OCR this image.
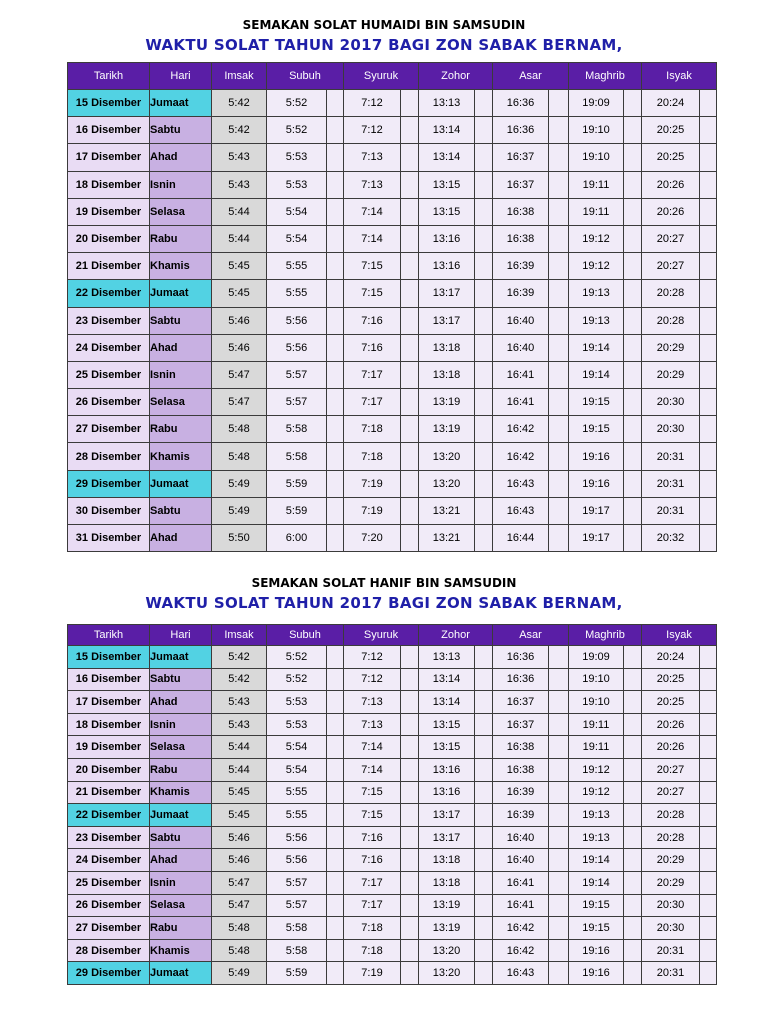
SEMAKAN SOLAT HUMAIDI BIN SAMSUDIN
WAKTU SOLAT TAHUN 2017 BAGI ZON SABAK BERNAM,
Tarikh	Hari	Imsak	Subuh		Syuruk		Zohor		Asar		Maghrib		Isyak	
15 Disember	Jumaat	5:42	5:52		7:12		13:13		16:36		19:09		20:24	
16 Disember	Sabtu	5:42	5:52		7:12		13:14		16:36		19:10		20:25	
17 Disember	Ahad	5:43	5:53		7:13		13:14		16:37		19:10		20:25	
18 Disember	Isnin	5:43	5:53		7:13		13:15		16:37		19:11		20:26	
19 Disember	Selasa	5:44	5:54		7:14		13:15		16:38		19:11		20:26	
20 Disember	Rabu	5:44	5:54		7:14		13:16		16:38		19:12		20:27	
21 Disember	Khamis	5:45	5:55		7:15		13:16		16:39		19:12		20:27	
22 Disember	Jumaat	5:45	5:55		7:15		13:17		16:39		19:13		20:28	
23 Disember	Sabtu	5:46	5:56		7:16		13:17		16:40		19:13		20:28	
24 Disember	Ahad	5:46	5:56		7:16		13:18		16:40		19:14		20:29	
25 Disember	Isnin	5:47	5:57		7:17		13:18		16:41		19:14		20:29	
26 Disember	Selasa	5:47	5:57		7:17		13:19		16:41		19:15		20:30	
27 Disember	Rabu	5:48	5:58		7:18		13:19		16:42		19:15		20:30	
28 Disember	Khamis	5:48	5:58		7:18		13:20		16:42		19:16		20:31	
29 Disember	Jumaat	5:49	5:59		7:19		13:20		16:43		19:16		20:31	
30 Disember	Sabtu	5:49	5:59		7:19		13:21		16:43		19:17		20:31	
31 Disember	Ahad	5:50	6:00		7:20		13:21		16:44		19:17		20:32	
SEMAKAN SOLAT HANIF BIN SAMSUDIN
WAKTU SOLAT TAHUN 2017 BAGI ZON SABAK BERNAM,
Tarikh	Hari	Imsak	Subuh		Syuruk		Zohor		Asar		Maghrib		Isyak	
15 Disember	Jumaat	5:42	5:52		7:12		13:13		16:36		19:09		20:24	
16 Disember	Sabtu	5:42	5:52		7:12		13:14		16:36		19:10		20:25	
17 Disember	Ahad	5:43	5:53		7:13		13:14		16:37		19:10		20:25	
18 Disember	Isnin	5:43	5:53		7:13		13:15		16:37		19:11		20:26	
19 Disember	Selasa	5:44	5:54		7:14		13:15		16:38		19:11		20:26	
20 Disember	Rabu	5:44	5:54		7:14		13:16		16:38		19:12		20:27	
21 Disember	Khamis	5:45	5:55		7:15		13:16		16:39		19:12		20:27	
22 Disember	Jumaat	5:45	5:55		7:15		13:17		16:39		19:13		20:28	
23 Disember	Sabtu	5:46	5:56		7:16		13:17		16:40		19:13		20:28	
24 Disember	Ahad	5:46	5:56		7:16		13:18		16:40		19:14		20:29	
25 Disember	Isnin	5:47	5:57		7:17		13:18		16:41		19:14		20:29	
26 Disember	Selasa	5:47	5:57		7:17		13:19		16:41		19:15		20:30	
27 Disember	Rabu	5:48	5:58		7:18		13:19		16:42		19:15		20:30	
28 Disember	Khamis	5:48	5:58		7:18		13:20		16:42		19:16		20:31	
29 Disember	Jumaat	5:49	5:59		7:19		13:20		16:43		19:16		20:31	
